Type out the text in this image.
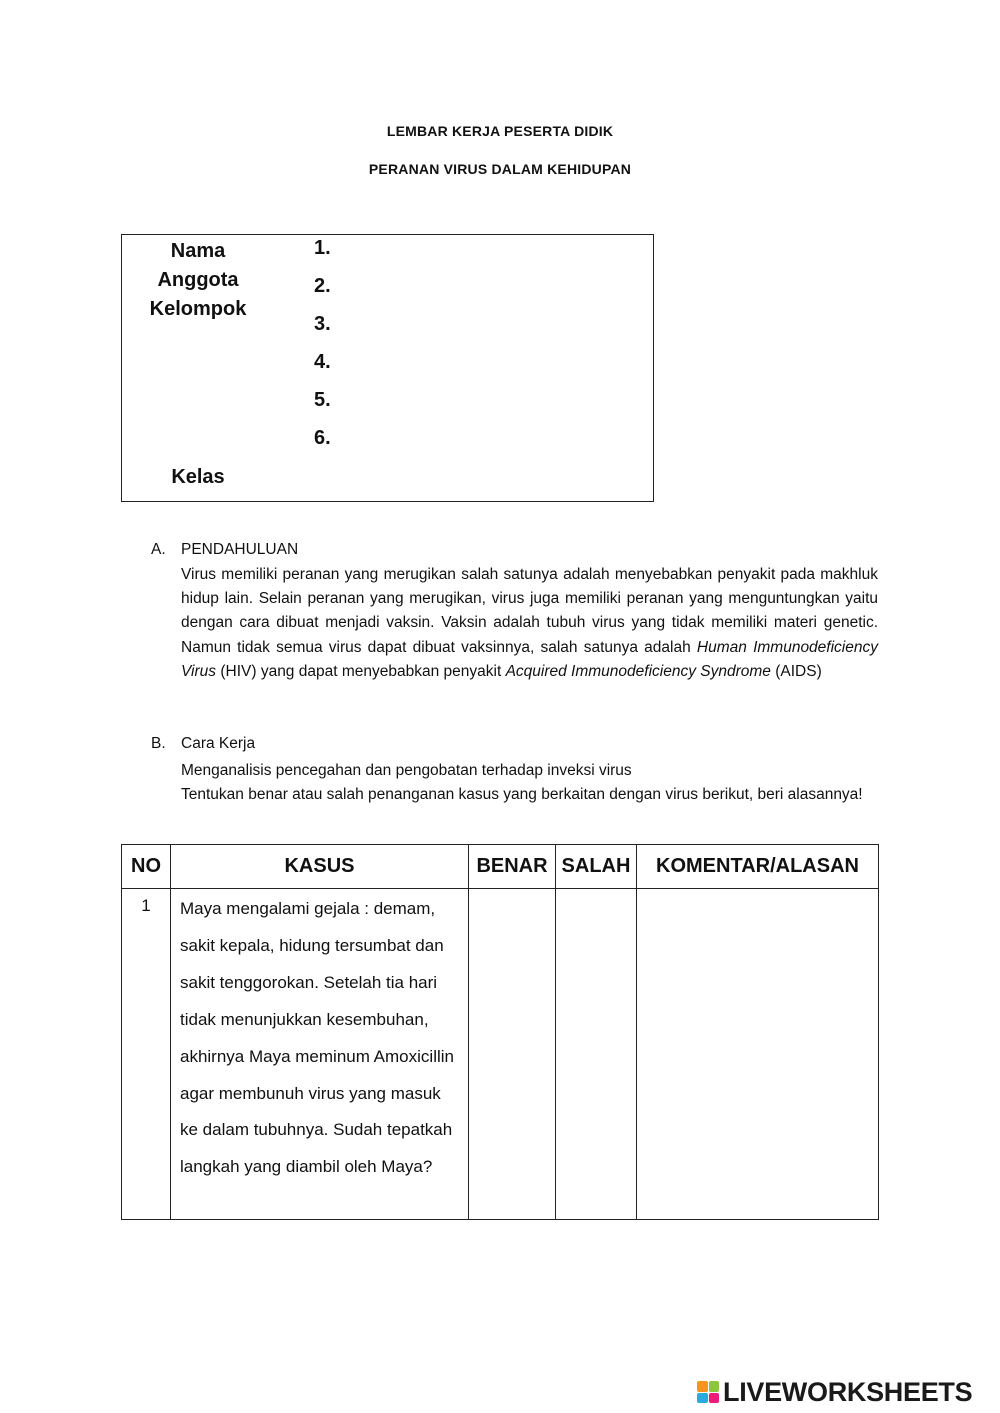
LEMBAR KERJA PESERTA DIDIK
PERANAN VIRUS DALAM KEHIDUPAN
Nama
Anggota
Kelompok
Kelas
1.
2.
3.
4.
5.
6.
A. PENDAHULUAN
Virus memiliki peranan yang merugikan salah satunya adalah menyebabkan penyakit pada makhluk hidup lain. Selain peranan yang merugikan, virus juga memiliki peranan yang menguntungkan yaitu dengan cara dibuat menjadi vaksin. Vaksin adalah tubuh virus yang tidak memiliki materi genetic. Namun tidak semua virus dapat dibuat vaksinnya, salah satunya adalah Human Immunodeficiency Virus (HIV) yang dapat menyebabkan penyakit Acquired Immunodeficiency Syndrome (AIDS)
B. Cara Kerja
Menganalisis pencegahan dan pengobatan terhadap inveksi virus
Tentukan benar atau salah penanganan kasus yang berkaitan dengan virus berikut, beri alasannya!
NO	KASUS	BENAR	SALAH	KOMENTAR/ALASAN
1	Maya mengalami gejala : demam, sakit kepala, hidung tersumbat dan sakit tenggorokan. Setelah tia hari tidak menunjukkan kesembuhan, akhirnya Maya meminum Amoxicillin agar membunuh virus yang masuk ke dalam tubuhnya. Sudah tepatkah langkah yang diambil oleh Maya?			
LIVEWORKSHEETS
